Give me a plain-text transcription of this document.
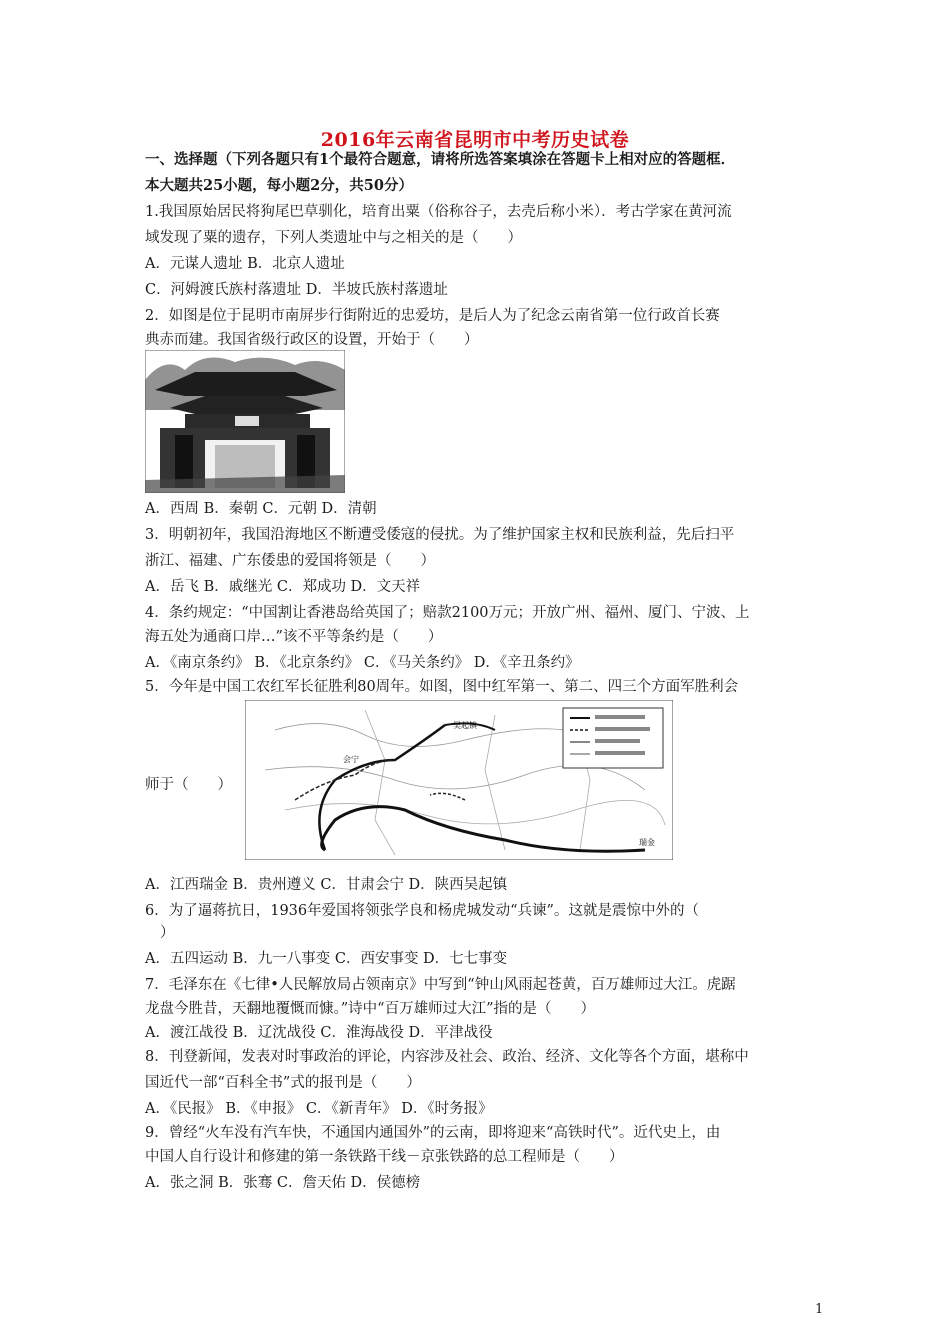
2016年云南省昆明市中考历史试卷
一、选择题（下列各题只有1个最符合题意，请将所选答案填涂在答题卡上相对应的答题框．
本大题共25小题，每小题2分，共50分）
1.我国原始居民将狗尾巴草驯化，培育出粟（俗称谷子，去壳后称小米）．考古学家在黄河流
域发现了粟的遗存，下列人类遗址中与之相关的是（　　）
A．元谋人遗址 B．北京人遗址
C．河姆渡氏族村落遗址 D．半坡氏族村落遗址
2．如图是位于昆明市南屏步行街附近的忠爱坊，是后人为了纪念云南省第一位行政首长赛
典赤而建。我国省级行政区的设置，开始于（　　）
A．西周 B．秦朝 C．元朝 D．清朝
3．明朝初年，我国沿海地区不断遭受倭寇的侵扰。为了维护国家主权和民族利益，先后扫平
浙江、福建、广东倭患的爱国将领是（　　）
A．岳飞 B．戚继光 C．郑成功 D．文天祥
4．条约规定：“中国割让香港岛给英国了；赔款2100万元；开放广州、福州、厦门、宁波、上
海五处为通商口岸…”该不平等条约是（　　）
A．《南京条约》 B．《北京条约》 C．《马关条约》 D．《辛丑条约》
5．今年是中国工农红军长征胜利80周年。如图，图中红军第一、第二、四三个方面军胜利会
吴起镇
会宁
瑞金
师于（　　）
A．江西瑞金 B．贵州遵义 C．甘肃会宁 D．陕西吴起镇
6．为了逼蒋抗日，1936年爱国将领张学良和杨虎城发动“兵谏”。这就是震惊中外的（
）
A．五四运动 B．九一八事变 C．西安事变 D．七七事变
7．毛泽东在《七律•人民解放局占领南京》中写到“钟山风雨起苍黄，百万雄师过大江。虎踞
龙盘今胜昔，天翻地覆慨而慷。”诗中“百万雄师过大江”指的是（　　）
A．渡江战役 B．辽沈战役 C．淮海战役 D．平津战役
8．刊登新闻，发表对时事政治的评论，内容涉及社会、政治、经济、文化等各个方面，堪称中
国近代一部“百科全书”式的报刊是（　　）
A．《民报》 B．《申报》 C．《新青年》 D．《时务报》
9．曾经“火车没有汽车快，不通国内通国外”的云南，即将迎来“高铁时代”。近代史上，由
中国人自行设计和修建的第一条铁路干线－京张铁路的总工程师是（　　）
A．张之洞 B．张骞 C．詹天佑 D．侯德榜
1
